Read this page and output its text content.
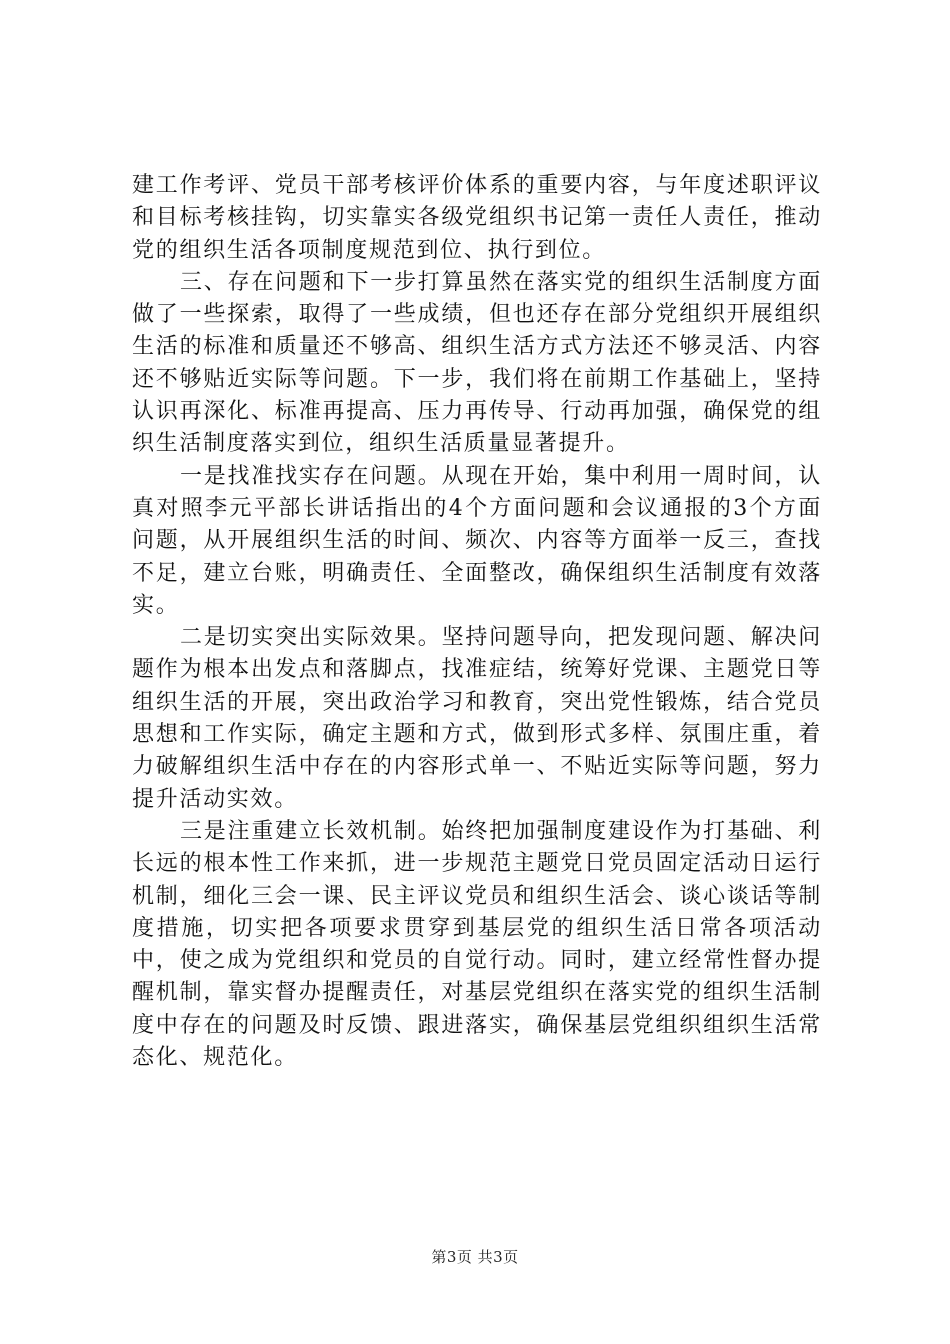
建工作考评、党员干部考核评价体系的重要内容，与年度述职评议和目标考核挂钩，切实靠实各级党组织书记第一责任人责任，推动党的组织生活各项制度规范到位、执行到位。

三、存在问题和下一步打算虽然在落实党的组织生活制度方面做了一些探索，取得了一些成绩，但也还存在部分党组织开展组织生活的标准和质量还不够高、组织生活方式方法还不够灵活、内容还不够贴近实际等问题。下一步，我们将在前期工作基础上，坚持认识再深化、标准再提高、压力再传导、行动再加强，确保党的组织生活制度落实到位，组织生活质量显著提升。

一是找准找实存在问题。从现在开始，集中利用一周时间，认真对照李元平部长讲话指出的4个方面问题和会议通报的3个方面问题，从开展组织生活的时间、频次、内容等方面举一反三，查找不足，建立台账，明确责任、全面整改，确保组织生活制度有效落实。

二是切实突出实际效果。坚持问题导向，把发现问题、解决问题作为根本出发点和落脚点，找准症结，统筹好党课、主题党日等组织生活的开展，突出政治学习和教育，突出党性锻炼，结合党员思想和工作实际，确定主题和方式，做到形式多样、氛围庄重，着力破解组织生活中存在的内容形式单一、不贴近实际等问题，努力提升活动实效。

三是注重建立长效机制。始终把加强制度建设作为打基础、利长远的根本性工作来抓，进一步规范主题党日党员固定活动日运行机制，细化三会一课、民主评议党员和组织生活会、谈心谈话等制度措施，切实把各项要求贯穿到基层党的组织生活日常各项活动中，使之成为党组织和党员的自觉行动。同时，建立经常性督办提醒机制，靠实督办提醒责任，对基层党组织在落实党的组织生活制度中存在的问题及时反馈、跟进落实，确保基层党组织组织生活常态化、规范化。

第3页 共3页
